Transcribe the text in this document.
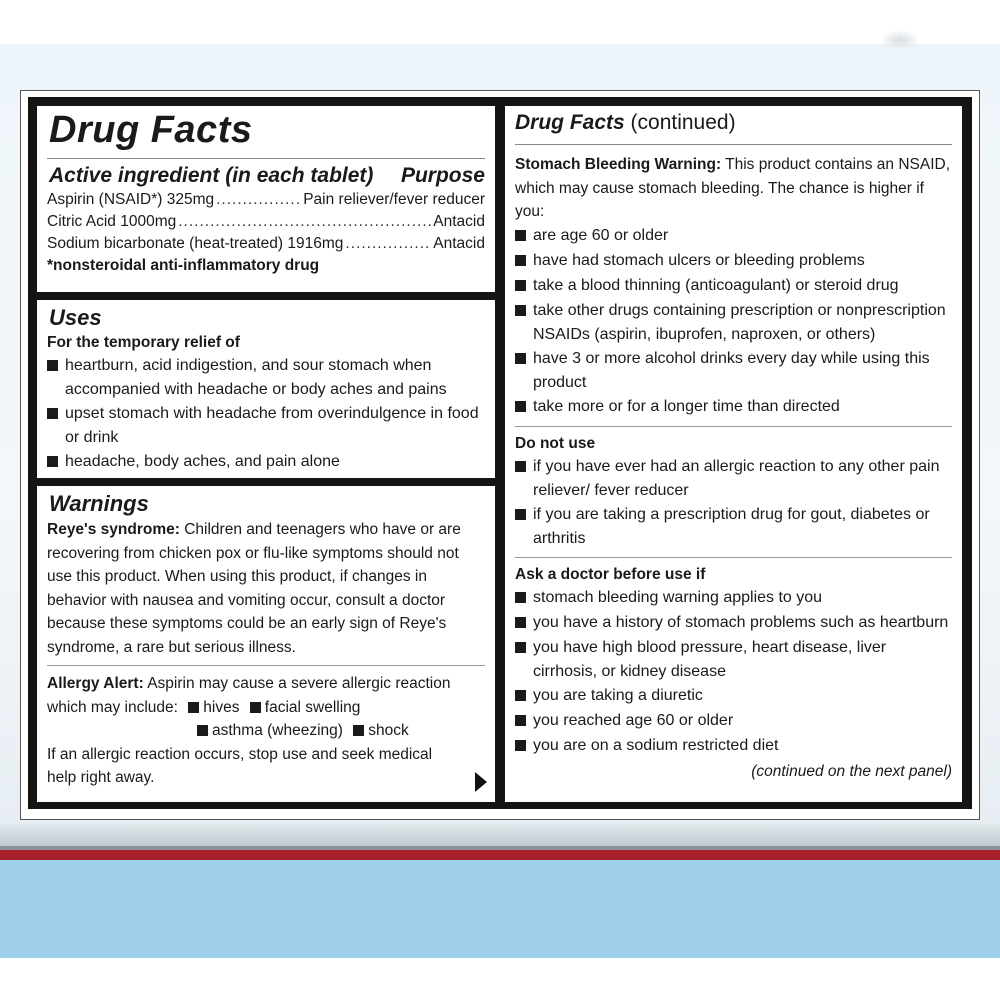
Drug Facts
Active ingredient (in each tablet) Purpose
Aspirin (NSAID*) 325mg .....	Pain reliever/fever reducer
Citric Acid 1000mg .....	Antacid
Sodium bicarbonate (heat-treated) 1916mg .....	Antacid
*nonsteroidal anti-inflammatory drug
Uses
For the temporary relief of
heartburn, acid indigestion, and sour stomach when accompanied with headache or body aches and pains
upset stomach with headache from overindulgence in food or drink
headache, body aches, and pain alone
Warnings
Reye's syndrome: Children and teenagers who have or are recovering from chicken pox or flu-like symptoms should not use this product. When using this product, if changes in behavior with nausea and vomiting occur, consult a doctor because these symptoms could be an early sign of Reye's syndrome, a rare but serious illness.
Allergy Alert: Aspirin may cause a severe allergic reaction which may include: hives facial swelling
asthma (wheezing) shock
If an allergic reaction occurs, stop use and seek medical help right away.
Drug Facts (continued)
Stomach Bleeding Warning: This product contains an NSAID, which may cause stomach bleeding. The chance is higher if you:
are age 60 or older
have had stomach ulcers or bleeding problems
take a blood thinning (anticoagulant) or steroid drug
take other drugs containing prescription or nonprescription NSAIDs (aspirin, ibuprofen, naproxen, or others)
have 3 or more alcohol drinks every day while using this product
take more or for a longer time than directed
Do not use
if you have ever had an allergic reaction to any other pain reliever/ fever reducer
if you are taking a prescription drug for gout, diabetes or arthritis
Ask a doctor before use if
stomach bleeding warning applies to you
you have a history of stomach problems such as heartburn
you have high blood pressure, heart disease, liver cirrhosis, or kidney disease
you are taking a diuretic
you reached age 60 or older
you are on a sodium restricted diet
(continued on the next panel)
